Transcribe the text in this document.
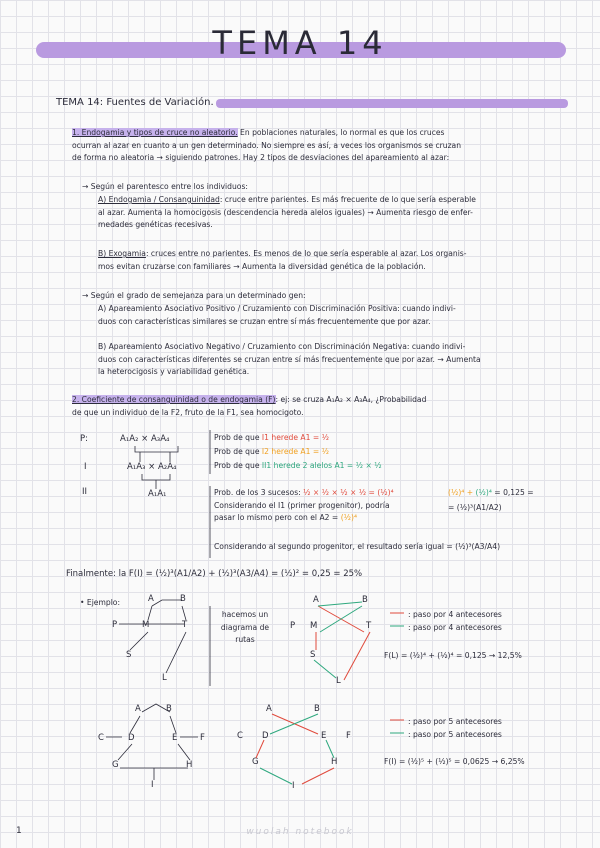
TEMA 14
TEMA 14: Fuentes de Variación.
1. Endogamia y tipos de cruce no aleatorio. En poblaciones naturales, lo normal es que los cruces
ocurran al azar en cuanto a un gen determinado. No siempre es así, a veces los organismos se cruzan
de forma no aleatoria → siguiendo patrones. Hay 2 tipos de desviaciones del apareamiento al azar:
→ Según el parentesco entre los individuos:
A) Endogamia / Consanguinidad: cruce entre parientes. Es más frecuente de lo que sería esperable
al azar. Aumenta la homocigosis (descendencia hereda alelos iguales) → Aumenta riesgo de enfer-
medades genéticas recesivas.
B) Exogamia: cruces entre no parientes. Es menos de lo que sería esperable al azar. Los organis-
mos evitan cruzarse con familiares → Aumenta la diversidad genética de la población.
→ Según el grado de semejanza para un determinado gen:
A) Apareamiento Asociativo Positivo / Cruzamiento con Discriminación Positiva: cuando indivi-
duos con características similares se cruzan entre sí más frecuentemente que por azar.
B) Apareamiento Asociativo Negativo / Cruzamiento con Discriminación Negativa: cuando indivi-
duos con características diferentes se cruzan entre sí más frecuentemente que por azar. → Aumenta
la heterocigosis y variabilidad genética.
2. Coeficiente de consanguinidad o de endogamia (F): ej: se cruza A₁A₂ × A₃A₄, ¿Probabilidad
de que un individuo de la F2, fruto de la F1, sea homocigoto.
P:
I
II
A₁A₂ × A₃A₄
A₁A₃ × A₂A₄
A₁A₁
Prob de que I1 herede A1 = ½
Prob de que I2 herede A1 = ½
Prob de que II1 herede 2 alelos A1 = ½ × ½
Prob. de los 3 sucesos: ½ × ½ × ½ × ½ = (½)⁴
Considerando el I1 (primer progenitor), podría
pasar lo mismo pero con el A2 = (½)⁴
(½)⁴ + (½)⁴ = 0,125 =
= (½)³(A1/A2)
Considerando al segundo progenitor, el resultado sería igual = (½)³(A3/A4)
Finalmente: la F(I) = (½)³(A1/A2) + (½)³(A3/A4) = (½)² = 0,25 = 25%
• Ejemplo:	A	B
P	M	T
S
L
hacemos un
diagrama de
rutas
A	B
P M	T
S
L
: paso por 4 antecesores
: paso por 4 antecesores
F(L) = (½)⁴ + (½)⁴ = 0,125 → 12,5%
A	B
C	D	E	F
G	H
I
A	B
C D	E F
G	H
I
: paso por 5 antecesores
: paso por 5 antecesores
F(I) = (½)⁵ + (½)⁵ = 0,0625 → 6,25%
1	wuolah notebook
